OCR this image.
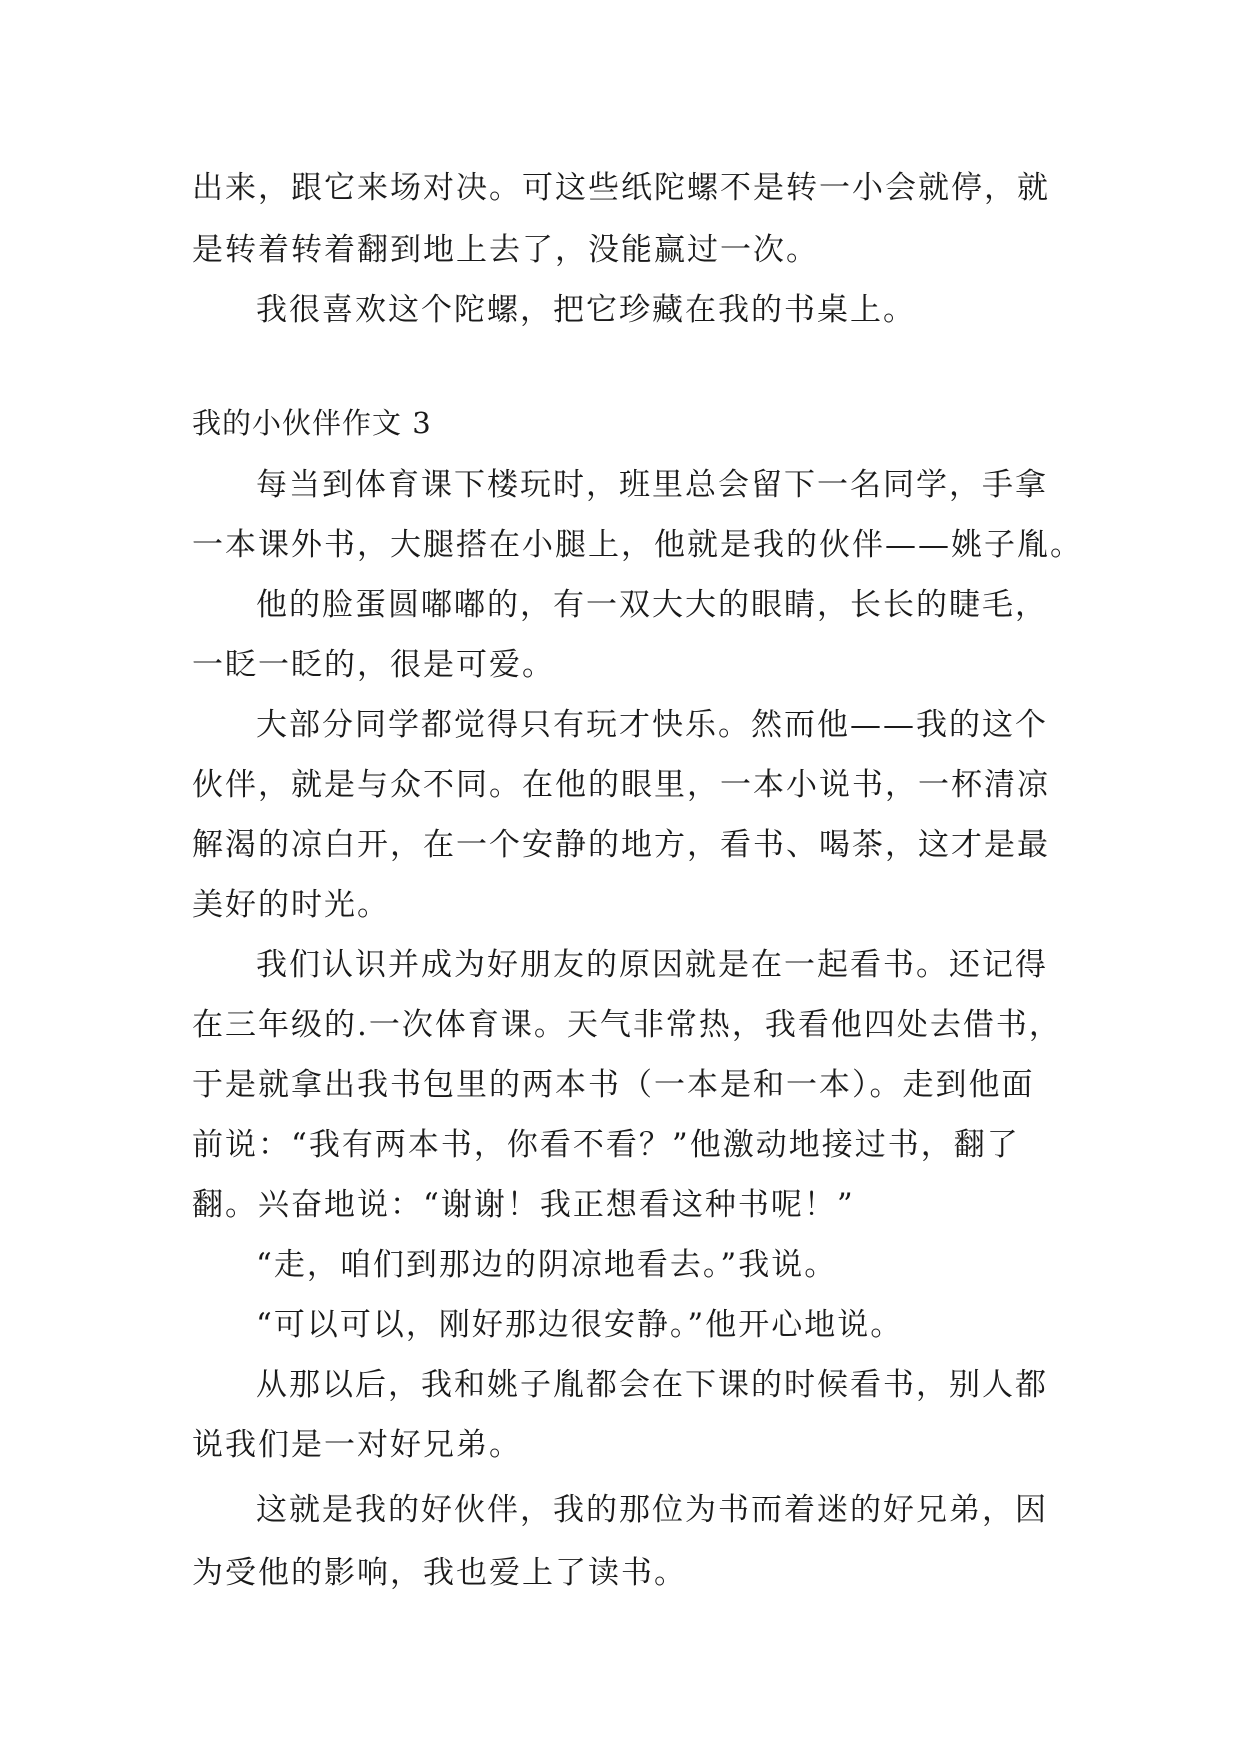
出来，跟它来场对决。可这些纸陀螺不是转一小会就停，就
是转着转着翻到地上去了，没能赢过一次。
我很喜欢这个陀螺，把它珍藏在我的书桌上。
我的小伙伴作文 3
每当到体育课下楼玩时，班里总会留下一名同学，手拿
一本课外书，大腿搭在小腿上，他就是我的伙伴——姚子胤。
他的脸蛋圆嘟嘟的，有一双大大的眼睛，长长的睫毛，
一眨一眨的，很是可爱。
大部分同学都觉得只有玩才快乐。然而他——我的这个
伙伴，就是与众不同。在他的眼里，一本小说书，一杯清凉
解渴的凉白开，在一个安静的地方，看书、喝茶，这才是最
美好的时光。
我们认识并成为好朋友的原因就是在一起看书。还记得
在三年级的.一次体育课。天气非常热，我看他四处去借书，
于是就拿出我书包里的两本书（一本是和一本）。走到他面
前说：“我有两本书，你看不看？”他激动地接过书，翻了
翻。兴奋地说：“谢谢！我正想看这种书呢！”
“走，咱们到那边的阴凉地看去。”我说。
“可以可以，刚好那边很安静。”他开心地说。
从那以后，我和姚子胤都会在下课的时候看书，别人都
说我们是一对好兄弟。
这就是我的好伙伴，我的那位为书而着迷的好兄弟，因
为受他的影响，我也爱上了读书。
